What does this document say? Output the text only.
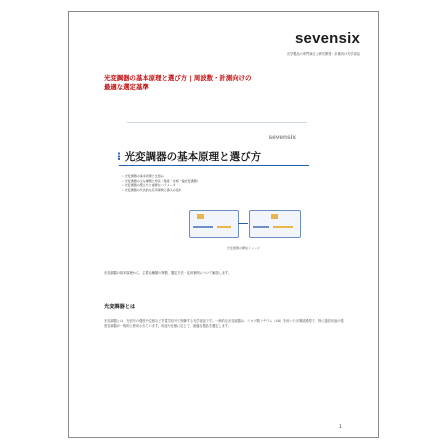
sevensix
光学製品の専門商社 | 研究開発・計測向け光学部品
光変調器の基本原理と選び方 | 周波数・計測向けの
最適な選定基準
sevensix
⁝ 光変調器の基本原理と選び方
• 光変調器の基本原理と仕組み
• 光変調器の主な種類と特長（強度・位相・偏光変調器）
• 光変調器の選び方と重要なパラメータ
• 光変調器の代表的な応用事例と導入の流れ
光変調器の構成イメージ
光変調器の基本原理から、主要な種類の特徴、選定方法・応用事例について解説します。
光変調器とは
光変調器とは、光信号の強度や位相などを電気信号で制御する光学部品です。一般的な光変調器は、ニオブ酸リチウム（LN）を用いた光導波路型で、特に通信用途の強度変調器が一般的に使用されています。用途や仕様に応じて、最適な製品を選定します。
1
